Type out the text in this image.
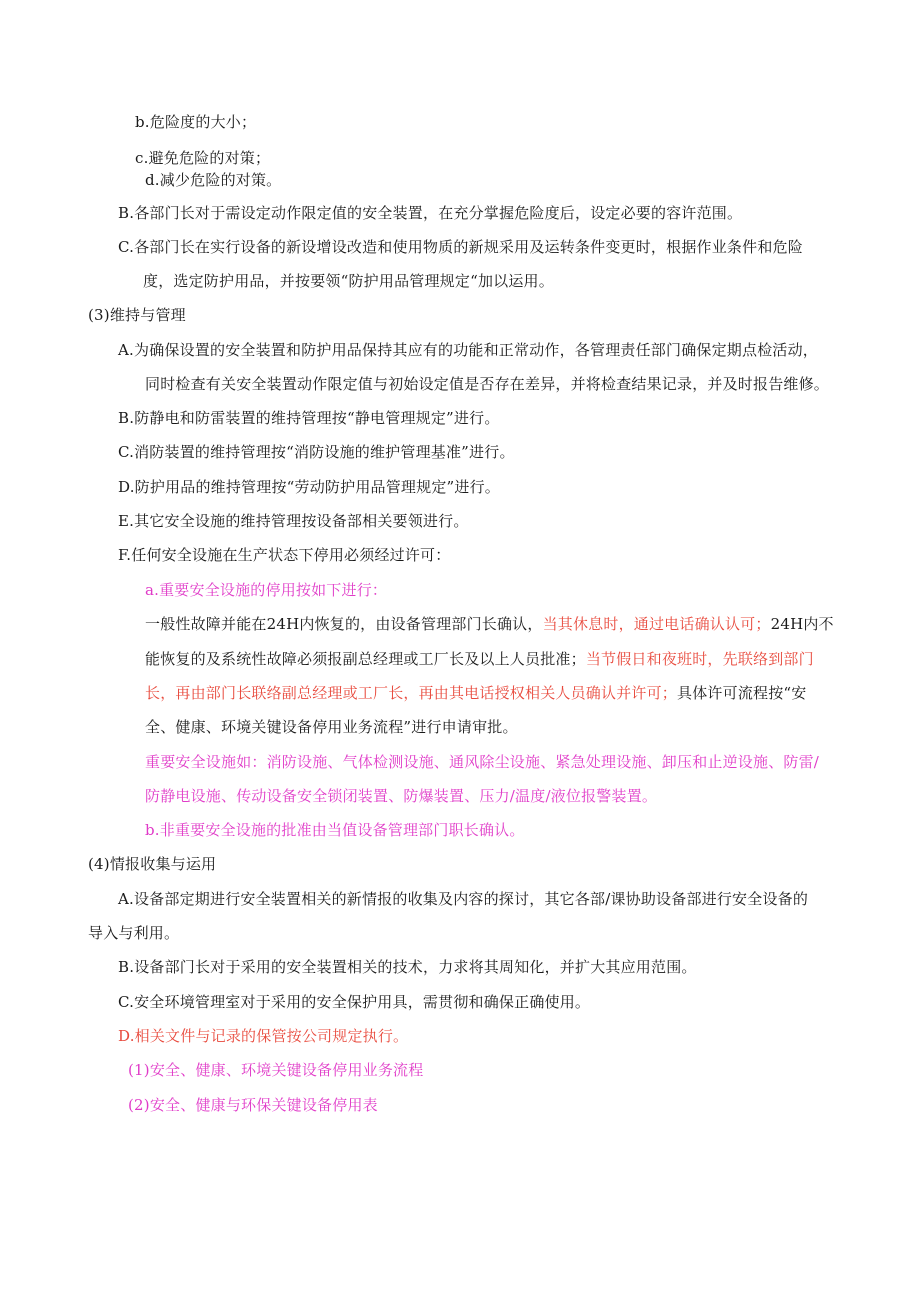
b.危险度的大小；
c.避免危险的对策；
d.减少危险的对策。
B.各部门长对于需设定动作限定值的安全装置，在充分掌握危险度后，设定必要的容许范围。
C.各部门长在实行设备的新设增设改造和使用物质的新规采用及运转条件变更时，根据作业条件和危险
度，选定防护用品，并按要领“防护用品管理规定“加以运用。
(3)维持与管理
A.为确保设置的安全装置和防护用品保持其应有的功能和正常动作，各管理责任部门确保定期点检活动，
同时检查有关安全装置动作限定值与初始设定值是否存在差异，并将检查结果记录，并及时报告维修。
B.防静电和防雷装置的维持管理按“静电管理规定”进行。
C.消防装置的维持管理按“消防设施的维护管理基准”进行。
D.防护用品的维持管理按“劳动防护用品管理规定”进行。
E.其它安全设施的维持管理按设备部相关要领进行。
F.任何安全设施在生产状态下停用必须经过许可：
a.重要安全设施的停用按如下进行：
一般性故障并能在24H内恢复的，由设备管理部门长确认，当其休息时，通过电话确认认可；24H内不
能恢复的及系统性故障必须报副总经理或工厂长及以上人员批准；当节假日和夜班时，先联络到部门
长，再由部门长联络副总经理或工厂长，再由其电话授权相关人员确认并许可；具体许可流程按“安
全、健康、环境关键设备停用业务流程”进行申请审批。
重要安全设施如：消防设施、气体检测设施、通风除尘设施、紧急处理设施、卸压和止逆设施、防雷/
防静电设施、传动设备安全锁闭装置、防爆装置、压力/温度/液位报警装置。
b.非重要安全设施的批准由当值设备管理部门职长确认。
(4)情报收集与运用
A.设备部定期进行安全装置相关的新情报的收集及内容的探讨，其它各部/课协助设备部进行安全设备的
导入与利用。
B.设备部门长对于采用的安全装置相关的技术，力求将其周知化，并扩大其应用范围。
C.安全环境管理室对于采用的安全保护用具，需贯彻和确保正确使用。
D.相关文件与记录的保管按公司规定执行。
(1)安全、健康、环境关键设备停用业务流程
(2)安全、健康与环保关键设备停用表
